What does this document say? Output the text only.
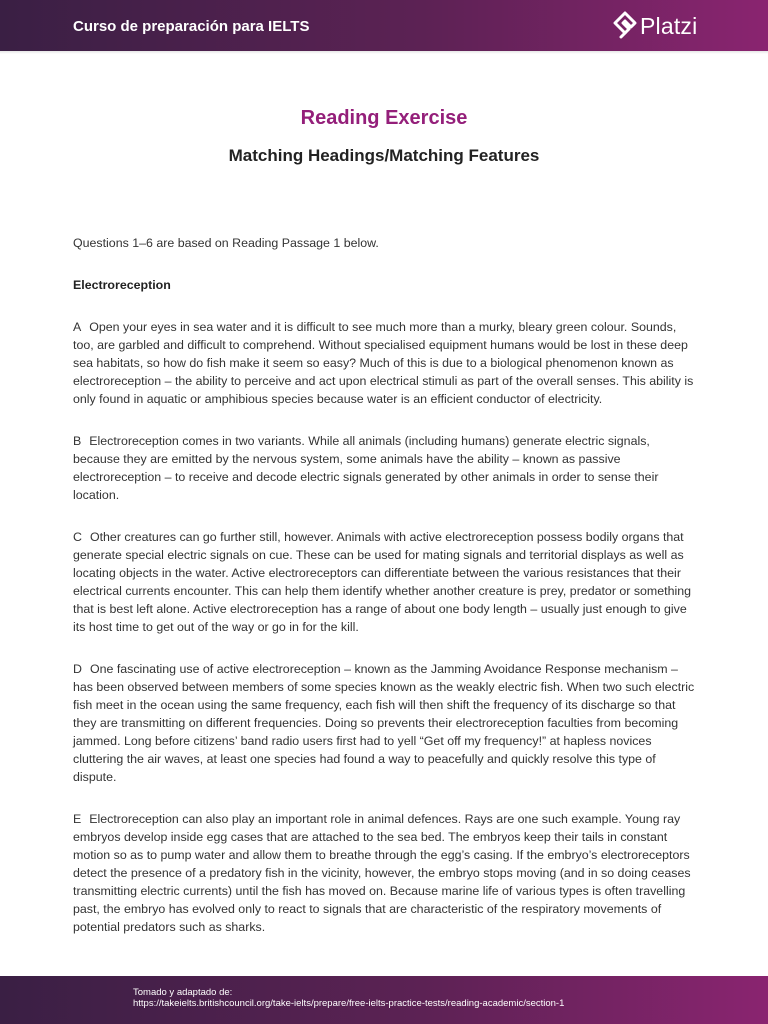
Curso de preparación para IELTS	Platzi
Reading Exercise
Matching Headings/Matching Features

Questions 1–6 are based on Reading Passage 1 below.

Electroreception

A Open your eyes in sea water and it is difficult to see much more than a murky, bleary green colour. Sounds, too, are garbled and difficult to comprehend. Without specialised equipment humans would be lost in these deep sea habitats, so how do fish make it seem so easy? Much of this is due to a biological phenomenon known as electroreception – the ability to perceive and act upon electrical stimuli as part of the overall senses. This ability is only found in aquatic or amphibious species because water is an efficient conductor of electricity.

B Electroreception comes in two variants. While all animals (including humans) generate electric signals, because they are emitted by the nervous system, some animals have the ability – known as passive electroreception – to receive and decode electric signals generated by other animals in order to sense their location.

C Other creatures can go further still, however. Animals with active electroreception possess bodily organs that generate special electric signals on cue. These can be used for mating signals and territorial displays as well as locating objects in the water. Active electroreceptors can differentiate between the various resistances that their electrical currents encounter. This can help them identify whether another creature is prey, predator or something that is best left alone. Active electroreception has a range of about one body length – usually just enough to give its host time to get out of the way or go in for the kill.

D One fascinating use of active electroreception – known as the Jamming Avoidance Response mechanism – has been observed between members of some species known as the weakly electric fish. When two such electric fish meet in the ocean using the same frequency, each fish will then shift the frequency of its discharge so that they are transmitting on different frequencies. Doing so prevents their electroreception faculties from becoming jammed. Long before citizens’ band radio users first had to yell “Get off my frequency!” at hapless novices cluttering the air waves, at least one species had found a way to peacefully and quickly resolve this type of dispute.

E Electroreception can also play an important role in animal defences. Rays are one such example. Young ray embryos develop inside egg cases that are attached to the sea bed. The embryos keep their tails in constant motion so as to pump water and allow them to breathe through the egg’s casing. If the embryo’s electroreceptors detect the presence of a predatory fish in the vicinity, however, the embryo stops moving (and in so doing ceases transmitting electric currents) until the fish has moved on. Because marine life of various types is often travelling past, the embryo has evolved only to react to signals that are characteristic of the respiratory movements of potential predators such as sharks.

Tomado y adaptado de:
https://takeielts.britishcouncil.org/take-ielts/prepare/free-ielts-practice-tests/reading-academic/section-1
